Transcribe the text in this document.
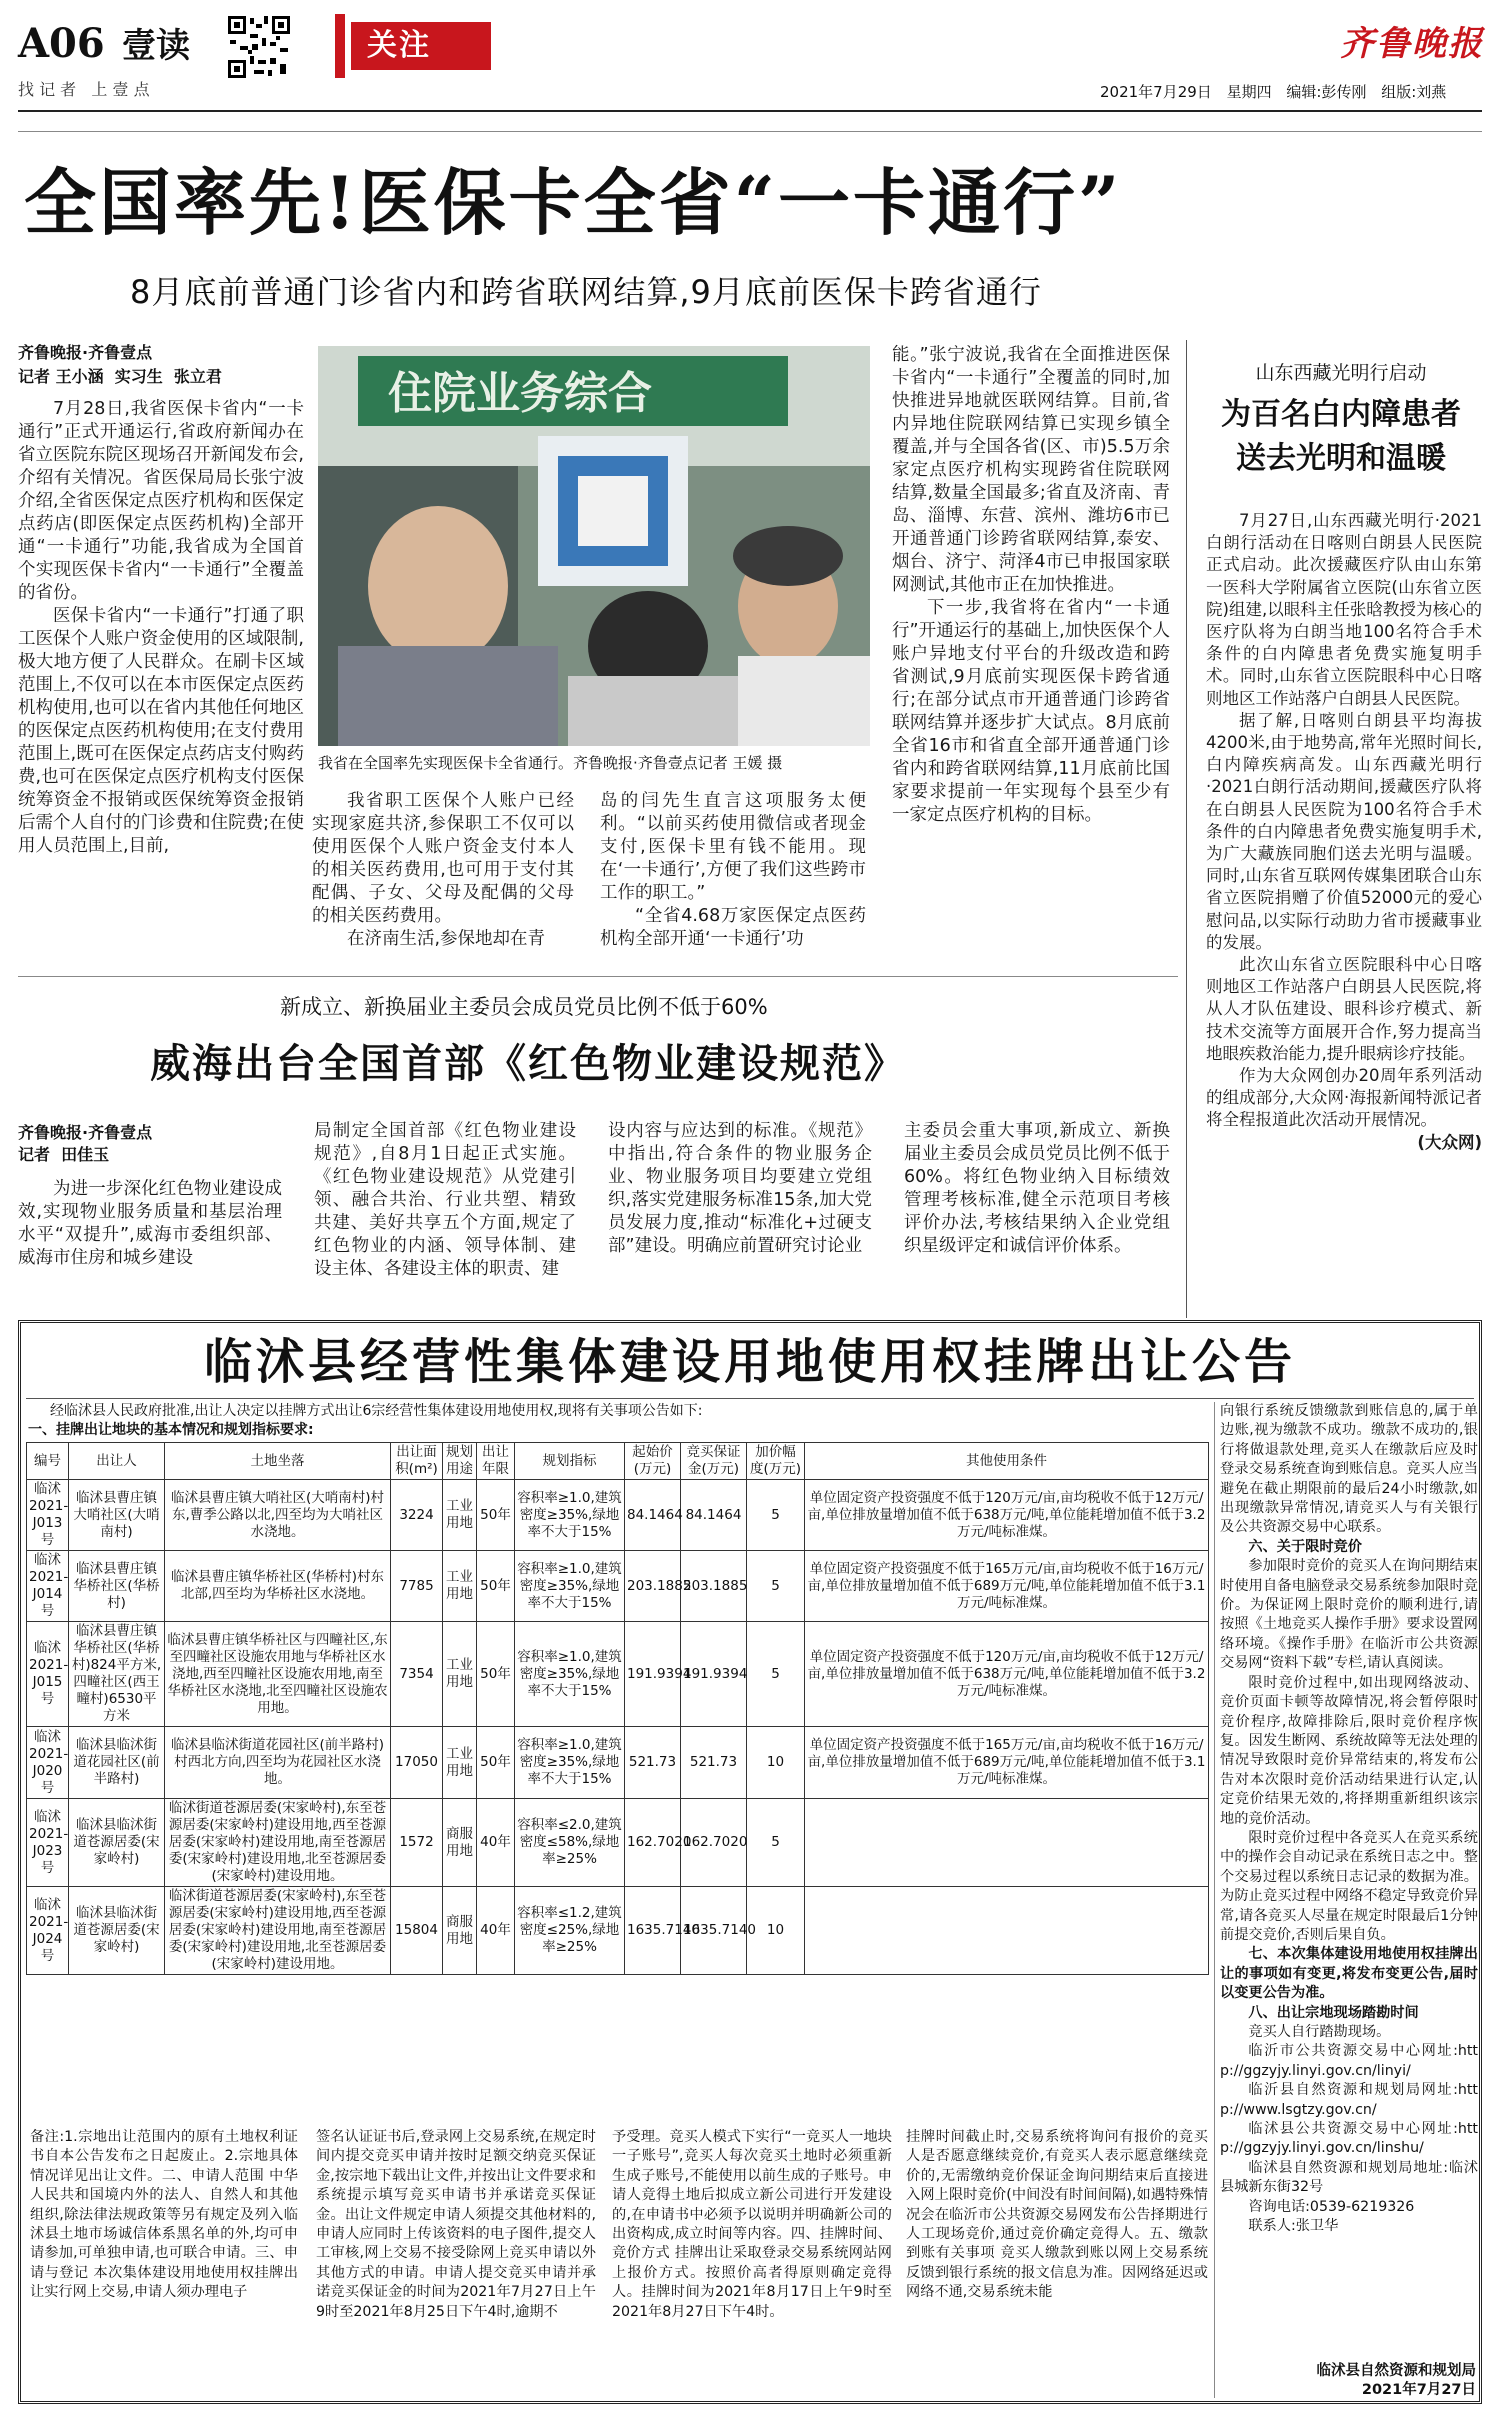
A06 壹读
找 记 者   上 壹 点
关注	齐鲁晚报
2021年7月29日 星期四 编辑:彭传刚 组版:刘燕
全国率先!医保卡全省“一卡通行”
8月底前普通门诊省内和跨省联网结算,9月底前医保卡跨省通行
齐鲁晚报·齐鲁壹点
记者 王小涵  实习生  张立君

7月28日,我省医保卡省内“一卡通行”正式开通运行,省政府新闻办在省立医院东院区现场召开新闻发布会,介绍有关情况。省医保局局长张宁波介绍,全省医保定点医疗机构和医保定点药店(即医保定点医药机构)全部开通“一卡通行”功能,我省成为全国首个实现医保卡省内“一卡通行”全覆盖的省份。

医保卡省内“一卡通行”打通了职工医保个人账户资金使用的区域限制,极大地方便了人民群众。在刷卡区域范围上,不仅可以在本市医保定点医药机构使用,也可以在省内其他任何地区的医保定点医药机构使用;在支付费用范围上,既可在医保定点药店支付购药费,也可在医保定点医疗机构支付医保统筹资金不报销或医保统筹资金报销后需个人自付的门诊费和住院费;在使用人员范围上,目前,

住院业务综合
我省在全国率先实现医保卡全省通行。齐鲁晚报·齐鲁壹点记者 王媛 摄

我省职工医保个人账户已经实现家庭共济,参保职工不仅可以使用医保个人账户资金支付本人的相关医药费用,也可用于支付其配偶、子女、父母及配偶的父母的相关医药费用。

在济南生活,参保地却在青

岛的闫先生直言这项服务太便利。“以前买药使用微信或者现金支付,医保卡里有钱不能用。现在‘一卡通行’,方便了我们这些跨市工作的职工。”

“全省4.68万家医保定点医药机构全部开通‘一卡通行’功

能。”张宁波说,我省在全面推进医保卡省内“一卡通行”全覆盖的同时,加快推进异地就医联网结算。目前,省内异地住院联网结算已实现乡镇全覆盖,并与全国各省(区、市)5.5万余家定点医疗机构实现跨省住院联网结算,数量全国最多;省直及济南、青岛、淄博、东营、滨州、潍坊6市已开通普通门诊跨省联网结算,泰安、烟台、济宁、菏泽4市已申报国家联网测试,其他市正在加快推进。

下一步,我省将在省内“一卡通行”开通运行的基础上,加快医保个人账户异地支付平台的升级改造和跨省测试,9月底前实现医保卡跨省通行;在部分试点市开通普通门诊跨省联网结算并逐步扩大试点。8月底前全省16市和省直全部开通普通门诊省内和跨省联网结算,11月底前比国家要求提前一年实现每个县至少有一家定点医疗机构的目标。

山东西藏光明行启动
为百名白内障患者
送去光明和温暖

7月27日,山东西藏光明行·2021白朗行活动在日喀则白朗县人民医院正式启动。此次援藏医疗队由山东第一医科大学附属省立医院(山东省立医院)组建,以眼科主任张晗教授为核心的医疗队将为白朗当地100名符合手术条件的白内障患者免费实施复明手术。同时,山东省立医院眼科中心日喀则地区工作站落户白朗县人民医院。

据了解,日喀则白朗县平均海拔4200米,由于地势高,常年光照时间长,白内障疾病高发。山东西藏光明行·2021白朗行活动期间,援藏医疗队将在白朗县人民医院为100名符合手术条件的白内障患者免费实施复明手术,为广大藏族同胞们送去光明与温暖。同时,山东省互联网传媒集团联合山东省立医院捐赠了价值52000元的爱心慰问品,以实际行动助力省市援藏事业的发展。

此次山东省立医院眼科中心日喀则地区工作站落户白朗县人民医院,将从人才队伍建设、眼科诊疗模式、新技术交流等方面展开合作,努力提高当地眼疾救治能力,提升眼病诊疗技能。

作为大众网创办20周年系列活动的组成部分,大众网·海报新闻特派记者将全程报道此次活动开展情况。

(大众网)

新成立、新换届业主委员会成员党员比例不低于60%
威海出台全国首部《红色物业建设规范》
齐鲁晚报·齐鲁壹点
记者  田佳玉

为进一步深化红色物业建设成效,实现物业服务质量和基层治理水平“双提升”,威海市委组织部、威海市住房和城乡建设

局制定全国首部《红色物业建设规范》,自8月1日起正式实施。《红色物业建设规范》从党建引领、融合共治、行业共塑、精致共建、美好共享五个方面,规定了红色物业的内涵、领导体制、建设主体、各建设主体的职责、建

设内容与应达到的标准。《规范》中指出,符合条件的物业服务企业、物业服务项目均要建立党组织,落实党建服务标准15条,加大党员发展力度,推动“标准化+过硬支部”建设。明确应前置研究讨论业

主委员会重大事项,新成立、新换届业主委员会成员党员比例不低于60%。将红色物业纳入目标绩效管理考核标准,健全示范项目考核评价办法,考核结果纳入企业党组织星级评定和诚信评价体系。

临沭县经营性集体建设用地使用权挂牌出让公告
经临沭县人民政府批准,出让人决定以挂牌方式出让6宗经营性集体建设用地使用权,现将有关事项公告如下:
一、挂牌出让地块的基本情况和规划指标要求:
编号	出让人	土地坐落	出让面积(m²)	规划用途	出让年限	规划指标	起始价(万元)	竞买保证金(万元)	加价幅度(万元)	其他使用条件
临沭2021-J013号	临沭县曹庄镇大哨社区(大哨南村)	临沭县曹庄镇大哨社区(大哨南村)村东,曹季公路以北,四至均为大哨社区水浇地。	3224	工业用地	50年	容积率≥1.0,建筑密度≥35%,绿地率不大于15%	84.1464	84.1464	5	单位固定资产投资强度不低于120万元/亩,亩均税收不低于12万元/亩,单位排放量增加值不低于638万元/吨,单位能耗增加值不低于3.2万元/吨标准煤。
临沭2021-J014号	临沭县曹庄镇华桥社区(华桥村)	临沭县曹庄镇华桥社区(华桥村)村东北部,四至均为华桥社区水浇地。	7785	工业用地	50年	容积率≥1.0,建筑密度≥35%,绿地率不大于15%	203.1885	203.1885	5	单位固定资产投资强度不低于165万元/亩,亩均税收不低于16万元/亩,单位排放量增加值不低于689万元/吨,单位能耗增加值不低于3.1万元/吨标准煤。
临沭2021-J015号	临沭县曹庄镇华桥社区(华桥村)824平方米,四疃社区(西王疃村)6530平方米	临沭县曹庄镇华桥社区与四疃社区,东至四疃社区设施农用地与华桥社区水浇地,西至四疃社区设施农用地,南至华桥社区水浇地,北至四疃社区设施农用地。	7354	工业用地	50年	容积率≥1.0,建筑密度≥35%,绿地率不大于15%	191.9394	191.9394	5	单位固定资产投资强度不低于120万元/亩,亩均税收不低于12万元/亩,单位排放量增加值不低于638万元/吨,单位能耗增加值不低于3.2万元/吨标准煤。
临沭2021-J020号	临沭县临沭街道花园社区(前半路村)	临沭县临沭街道花园社区(前半路村)村西北方向,四至均为花园社区水浇地。	17050	工业用地	50年	容积率≥1.0,建筑密度≥35%,绿地率不大于15%	521.73	521.73	10	单位固定资产投资强度不低于165万元/亩,亩均税收不低于16万元/亩,单位排放量增加值不低于689万元/吨,单位能耗增加值不低于3.1万元/吨标准煤。
临沭2021-J023号	临沭县临沭街道苍源居委(宋家岭村)	临沭街道苍源居委(宋家岭村),东至苍源居委(宋家岭村)建设用地,西至苍源居委(宋家岭村)建设用地,南至苍源居委(宋家岭村)建设用地,北至苍源居委(宋家岭村)建设用地。	1572	商服用地	40年	容积率≤2.0,建筑密度≤58%,绿地率≥25%	162.7020	162.7020	5	
临沭2021-J024号	临沭县临沭街道苍源居委(宋家岭村)	临沭街道苍源居委(宋家岭村),东至苍源居委(宋家岭村)建设用地,西至苍源居委(宋家岭村)建设用地,南至苍源居委(宋家岭村)建设用地,北至苍源居委(宋家岭村)建设用地。	15804	商服用地	40年	容积率≤1.2,建筑密度≤25%,绿地率≥25%	1635.7140	1635.7140	10	

向银行系统反馈缴款到账信息的,属于单边账,视为缴款不成功。缴款不成功的,银行将做退款处理,竞买人在缴款后应及时登录交易系统查询到账信息。竞买人应当避免在截止期限前的最后24小时缴款,如出现缴款异常情况,请竞买人与有关银行及公共资源交易中心联系。

六、关于限时竞价

参加限时竞价的竞买人在询问期结束时使用自备电脑登录交易系统参加限时竞价。为保证网上限时竞价的顺利进行,请按照《土地竞买人操作手册》要求设置网络环境。《操作手册》在临沂市公共资源交易网“资料下载”专栏,请认真阅读。

限时竞价过程中,如出现网络波动、竞价页面卡顿等故障情况,将会暂停限时竞价程序,故障排除后,限时竞价程序恢复。因发生断网、系统故障等无法处理的情况导致限时竞价异常结束的,将发布公告对本次限时竞价活动结果进行认定,认定竞价结果无效的,将择期重新组织该宗地的竞价活动。

限时竞价过程中各竞买人在竞买系统中的操作会自动记录在系统日志之中。整个交易过程以系统日志记录的数据为准。为防止竞买过程中网络不稳定导致竞价异常,请各竞买人尽量在规定时限最后1分钟前提交竞价,否则后果自负。

七、本次集体建设用地使用权挂牌出让的事项如有变更,将发布变更公告,届时以变更公告为准。

八、出让宗地现场踏勘时间

竞买人自行踏勘现场。

临沂市公共资源交易中心网址:http://ggzyjy.linyi.gov.cn/linyi/

临沂县自然资源和规划局网址:http://www.lsgtzy.gov.cn/

临沭县公共资源交易中心网址:http://ggzyjy.linyi.gov.cn/linshu/

临沭县自然资源和规划局地址:临沭县城新东街32号

咨询电话:0539-6219326

联系人:张卫华

临沭县自然资源和规划局
2021年7月27日
备注:1.宗地出让范围内的原有土地权利证书自本公告发布之日起废止。2.宗地具体情况详见出让文件。二、申请人范围 中华人民共和国境内外的法人、自然人和其他组织,除法律法规政策等另有规定及列入临沭县土地市场诚信体系黑名单的外,均可申请参加,可单独申请,也可联合申请。三、申请与登记 本次集体建设用地使用权挂牌出让实行网上交易,申请人须办理电子
签名认证证书后,登录网上交易系统,在规定时间内提交竞买申请并按时足额交纳竞买保证金,按宗地下载出让文件,并按出让文件要求和系统提示填写竞买申请书并承诺竞买保证金。出让文件规定申请人须提交其他材料的,申请人应同时上传该资料的电子图件,提交人工审核,网上交易不接受除网上竞买申请以外其他方式的申请。申请人提交竞买申请并承诺竞买保证金的时间为2021年7月27日上午9时至2021年8月25日下午4时,逾期不
予受理。竞买人模式下实行“一竞买人一地块一子账号”,竞买人每次竞买土地时必须重新生成子账号,不能使用以前生成的子账号。申请人竞得土地后拟成立新公司进行开发建设的,在申请书中必须予以说明并明确新公司的出资构成,成立时间等内容。四、挂牌时间、竞价方式 挂牌出让采取登录交易系统网站网上报价方式。按照价高者得原则确定竞得人。挂牌时间为2021年8月17日上午9时至2021年8月27日下午4时。
挂牌时间截止时,交易系统将询问有报价的竞买人是否愿意继续竞价,有竞买人表示愿意继续竞价的,无需缴纳竞价保证金询问期结束后直接进入网上限时竞价(中间没有时间间隔),如遇特殊情况会在临沂市公共资源交易网发布公告择期进行人工现场竞价,通过竞价确定竞得人。五、缴款到账有关事项 竞买人缴款到账以网上交易系统反馈到银行系统的报文信息为准。因网络延迟或网络不通,交易系统未能
